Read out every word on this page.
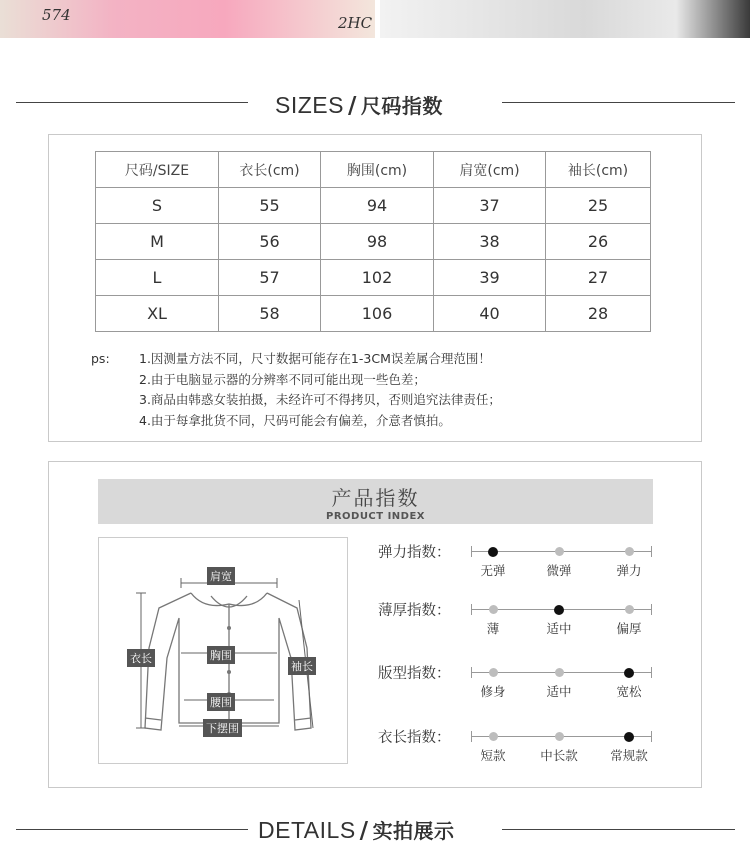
574	2HC
SIZES / 尺码指数
尺码/SIZE	衣长(cm)	胸围(cm)	肩宽(cm)	袖长(cm)
S	55	94	37	25
M	56	98	38	26
L	57	102	39	27
XL	58	106	40	28
ps: 1.因测量方法不同，尺寸数据可能存在1-3CM误差属合理范围！
2.由于电脑显示器的分辨率不同可能出现一些色差；
3.商品由韩惑女装拍摄，未经许可不得拷贝，否则追究法律责任；
4.由于每拿批货不同，尺码可能会有偏差，介意者慎拍。
产品指数
PRODUCT INDEX
肩宽
衣长	胸围
袖长
腰围
下摆围
弹力指数：
无弹	微弹	弹力
薄厚指数：
薄	适中	偏厚
版型指数：
修身	适中	宽松
衣长指数：
短款	中长款	常规款
DETAILS / 实拍展示
